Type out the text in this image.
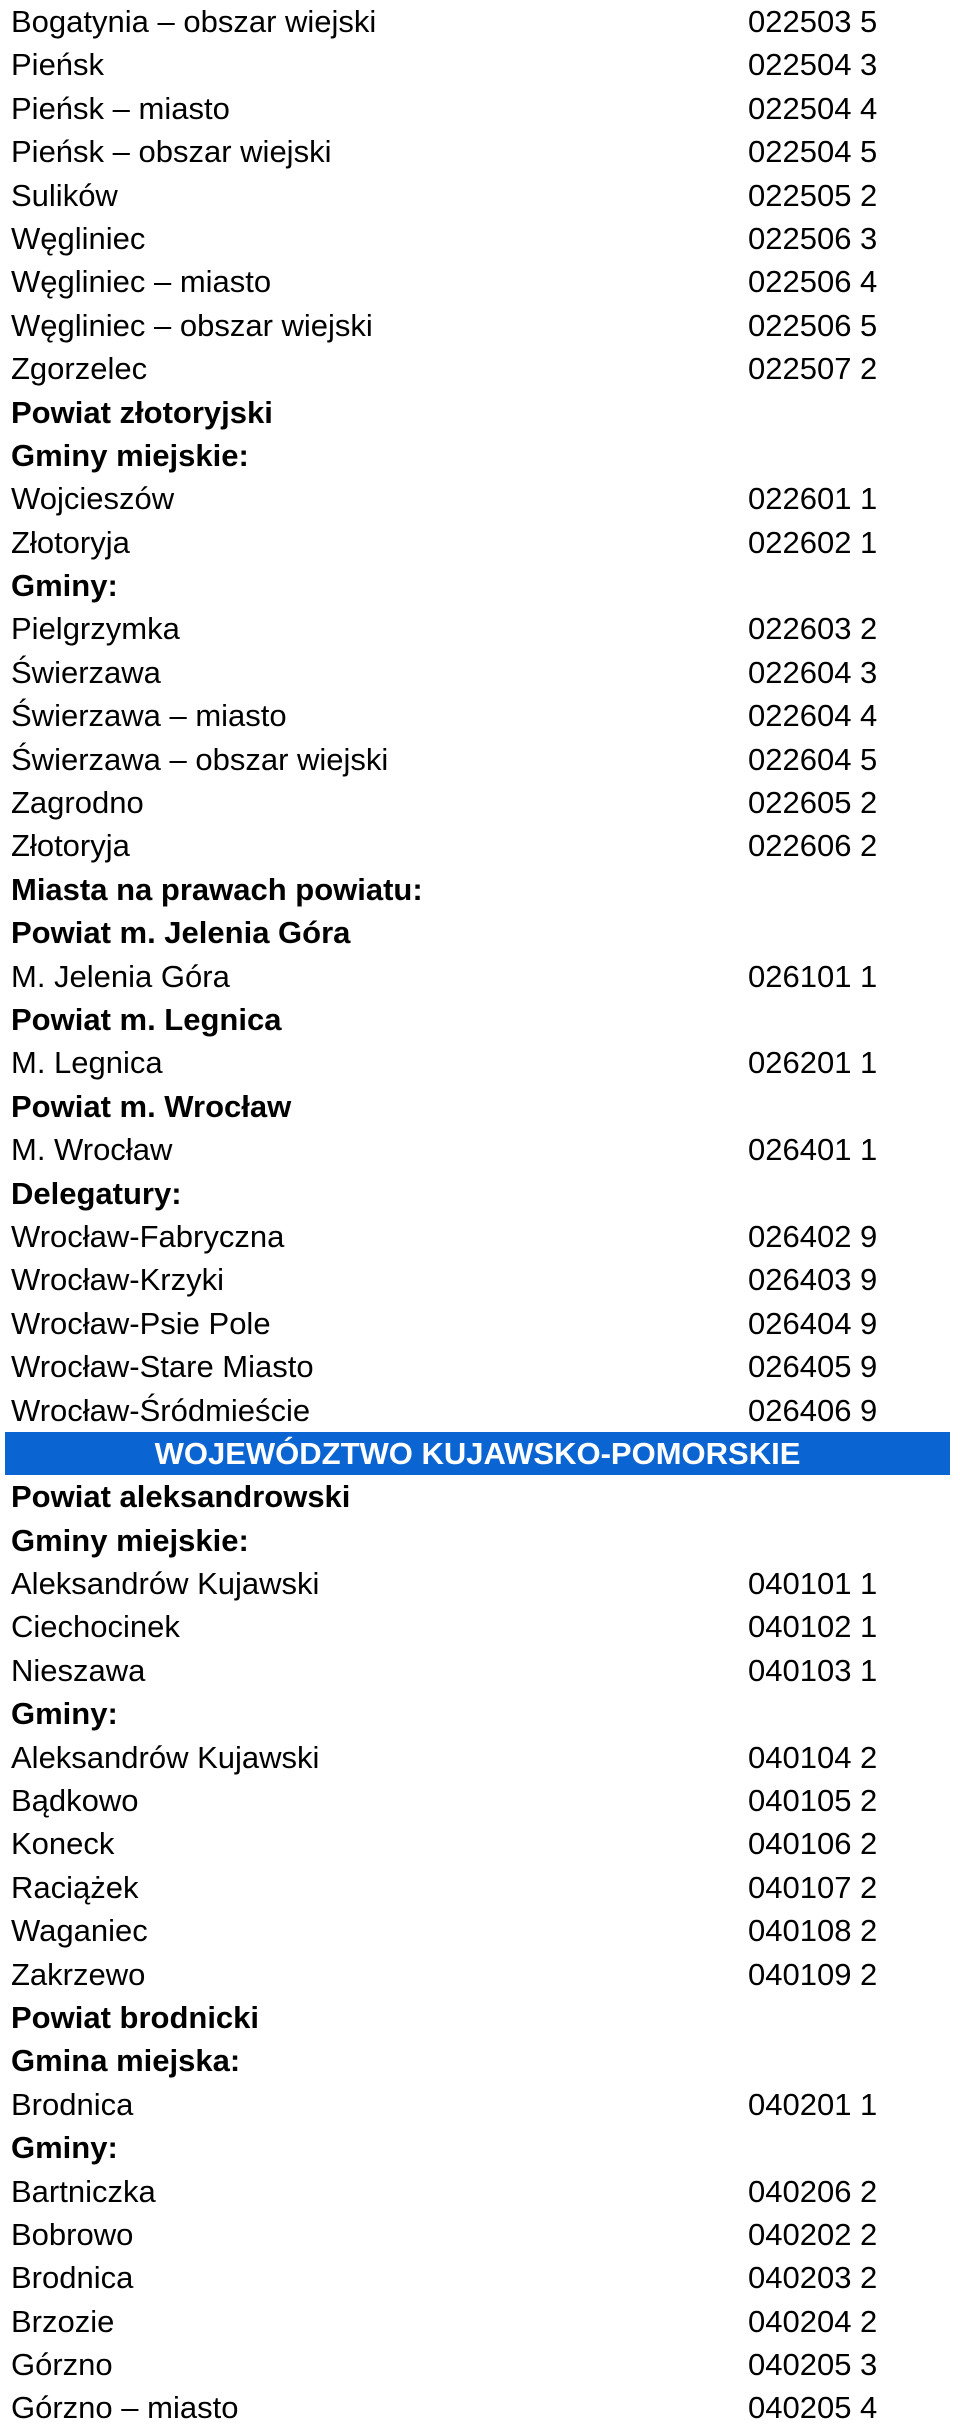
Bogatynia – obszar wiejski	022503 5
Pieńsk	022504 3
Pieńsk – miasto	022504 4
Pieńsk – obszar wiejski	022504 5
Sulików	022505 2
Węgliniec	022506 3
Węgliniec – miasto	022506 4
Węgliniec – obszar wiejski	022506 5
Zgorzelec	022507 2
Powiat złotoryjski
Gminy miejskie:
Wojcieszów	022601 1
Złotoryja	022602 1
Gminy:
Pielgrzymka	022603 2
Świerzawa	022604 3
Świerzawa – miasto	022604 4
Świerzawa – obszar wiejski	022604 5
Zagrodno	022605 2
Złotoryja	022606 2
Miasta na prawach powiatu:
Powiat m. Jelenia Góra
M. Jelenia Góra	026101 1
Powiat m. Legnica
M. Legnica	026201 1
Powiat m. Wrocław
M. Wrocław	026401 1
Delegatury:
Wrocław-Fabryczna	026402 9
Wrocław-Krzyki	026403 9
Wrocław-Psie Pole	026404 9
Wrocław-Stare Miasto	026405 9
Wrocław-Śródmieście	026406 9
WOJEWÓDZTWO KUJAWSKO-POMORSKIE
Powiat aleksandrowski
Gminy miejskie:
Aleksandrów Kujawski	040101 1
Ciechocinek	040102 1
Nieszawa	040103 1
Gminy:
Aleksandrów Kujawski	040104 2
Bądkowo	040105 2
Koneck	040106 2
Raciążek	040107 2
Waganiec	040108 2
Zakrzewo	040109 2
Powiat brodnicki
Gmina miejska:
Brodnica	040201 1
Gminy:
Bartniczka	040206 2
Bobrowo	040202 2
Brodnica	040203 2
Brzozie	040204 2
Górzno	040205 3
Górzno – miasto	040205 4
